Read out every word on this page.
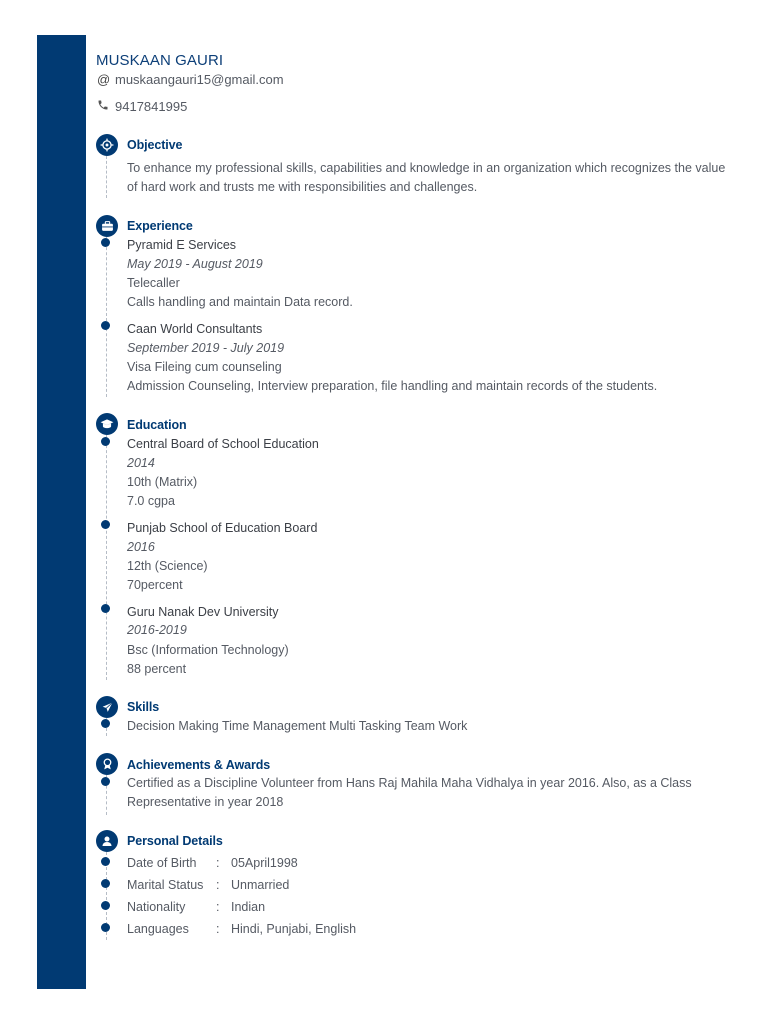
MUSKAAN GAURI
@ muskaangauri15@gmail.com
9417841995
Objective
To enhance my professional skills, capabilities and knowledge in an organization which recognizes the value of hard work and trusts me with responsibilities and challenges.
Experience
Pyramid E Services
May 2019 - August 2019
Telecaller
Calls handling and maintain Data record.
Caan World Consultants
September 2019 - July 2019
Visa Fileing cum counseling
Admission Counseling, Interview preparation, file handling and maintain records of the students.
Education
Central Board of School Education
2014
10th (Matrix)
7.0 cgpa
Punjab School of Education Board
2016
12th (Science)
70percent
Guru Nanak Dev University
2016-2019
Bsc (Information Technology)
88 percent
Skills
Decision Making Time Management Multi Tasking Team Work
Achievements & Awards
Certified as a Discipline Volunteer from Hans Raj Mahila Maha Vidhalya in year 2016. Also, as a Class Representative in year 2018
Personal Details
Date of Birth : 05April1998
Marital Status : Unmarried
Nationality : Indian
Languages : Hindi, Punjabi, English
